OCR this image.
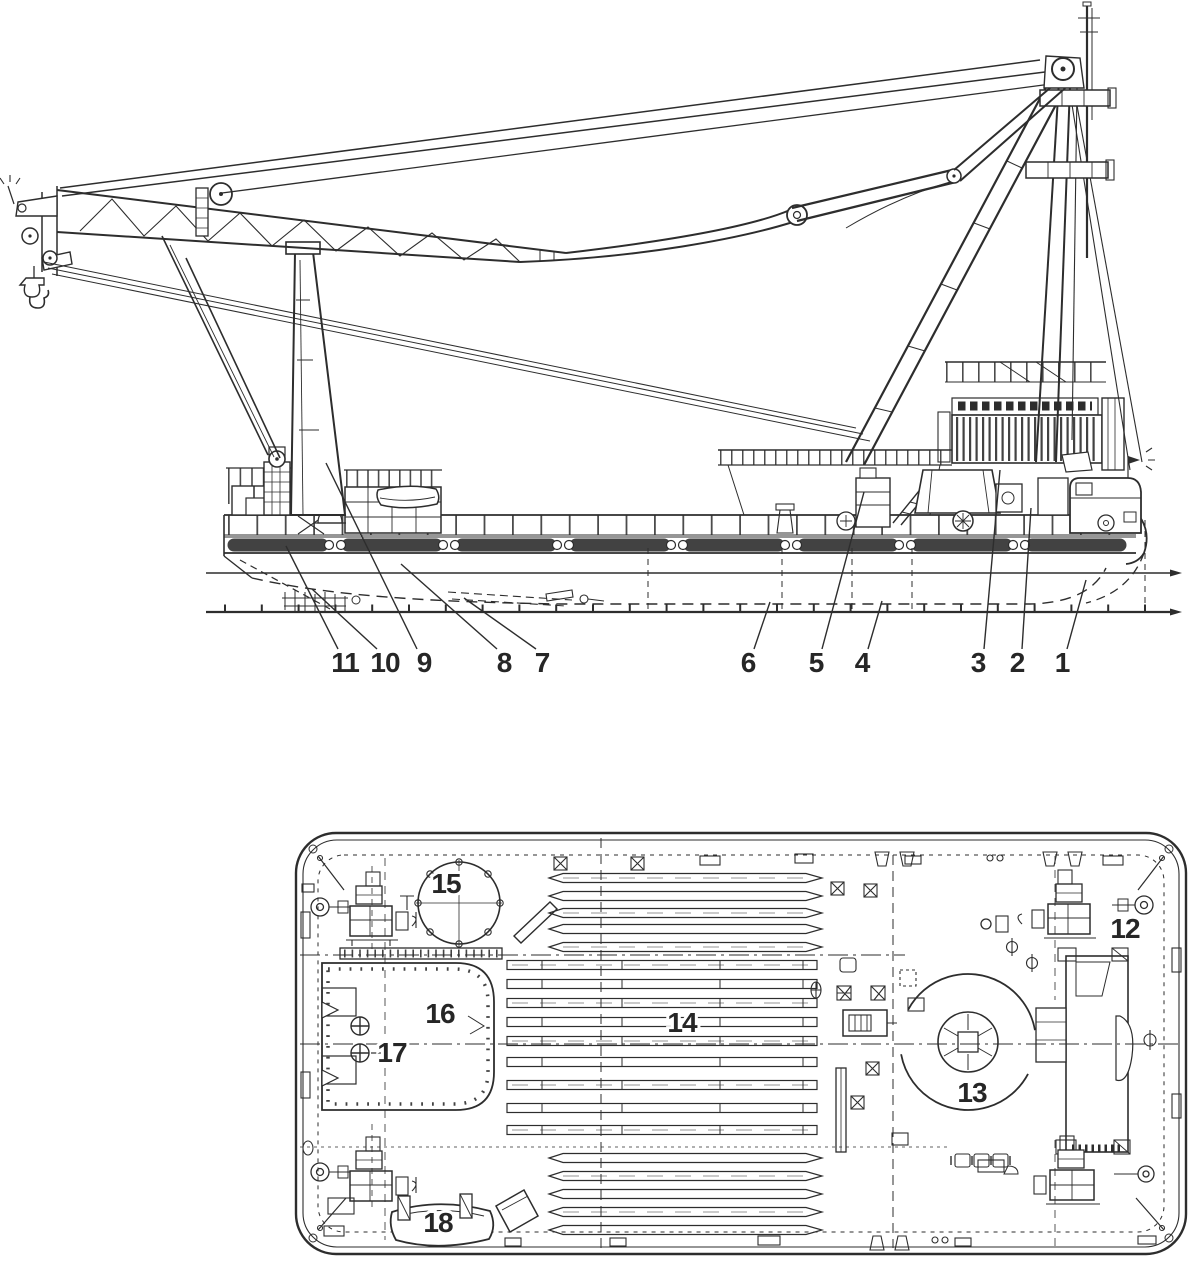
1
2
3
4
5
6
7
8
9
10
11
12
13
14
15
16
17
18
